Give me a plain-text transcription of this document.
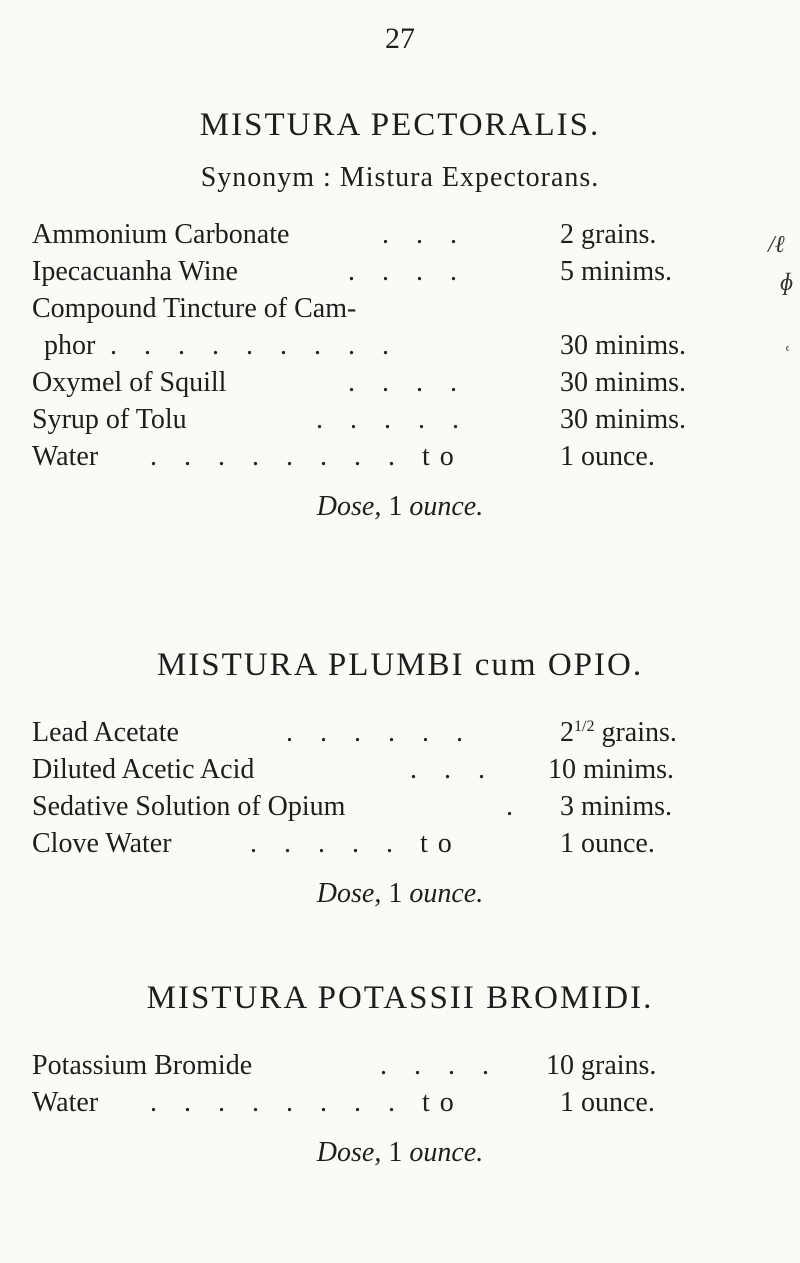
27
MISTURA PECTORALIS.
Synonym : Mistura Expectorans.
Ammonium Carbonate	. . .	2 grains.
Ipecacuanha Wine	. . . .	5 minims.
Compound Tincture of Cam-
phor . . . . . . . . .	30 minims.
Oxymel of Squill	. . . .	30 minims.
Syrup of Tolu	. . . . .	30 minims.
Water . . . . . . . . to	1 ounce.
Dose, 1 ounce.
MISTURA PLUMBI cum OPIO.
Lead Acetate	. . . . . .	21/2 grains.
Diluted Acetic Acid	. . .	10 minims.
Sedative Solution of Opium	.	3 minims.
Clove Water	. . . . . to	1 ounce.
Dose, 1 ounce.
MISTURA POTASSII BROMIDI.
Potassium Bromide	. . . .	10 grains.
Water . . . . . . . . to	1 ounce.
Dose, 1 ounce.
/ℓ
ɸ
ʿ
